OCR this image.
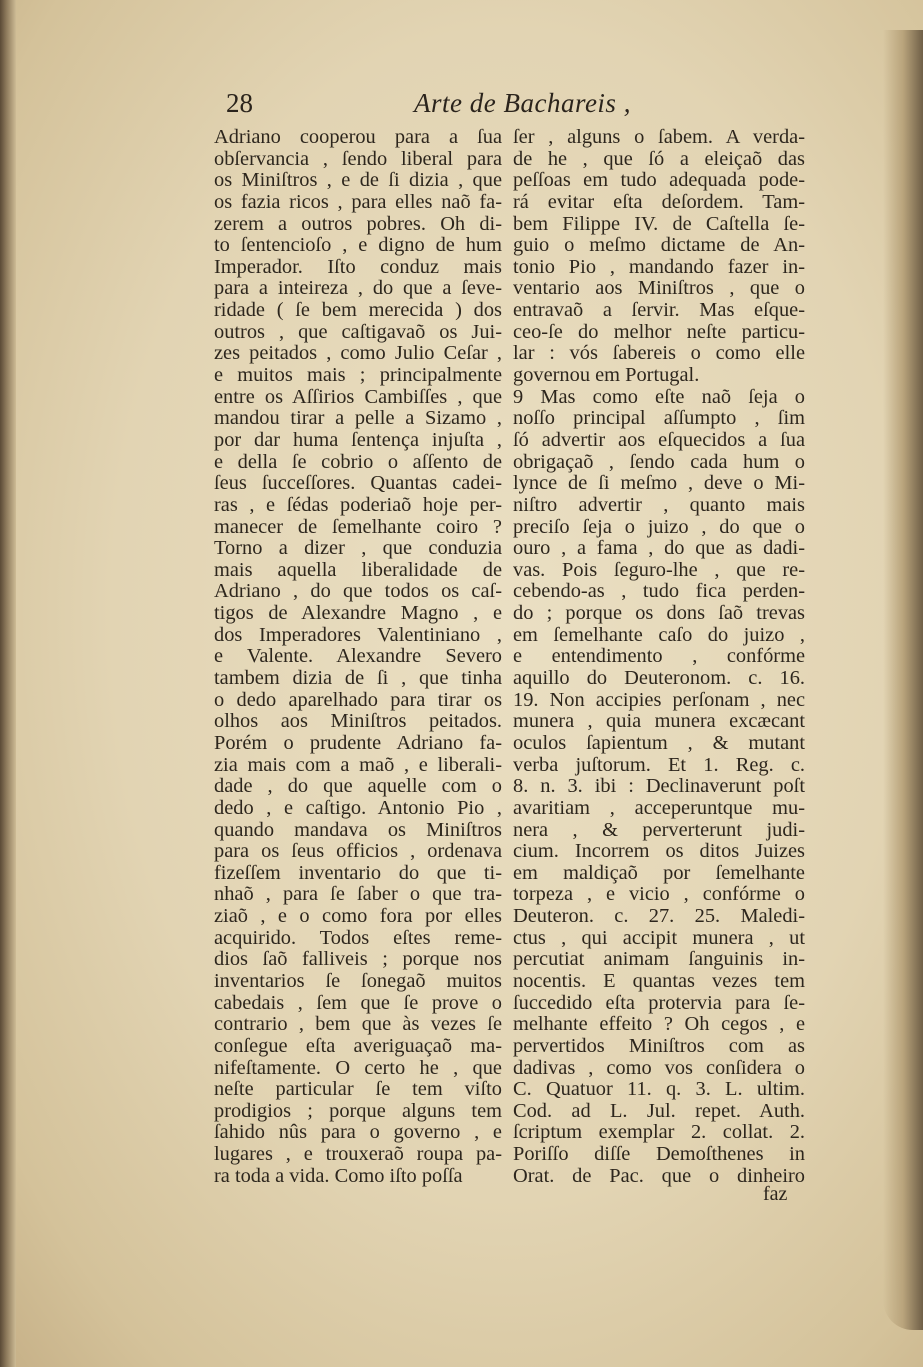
28	Arte de Bachareis ,
Adriano cooperou para a ſua
obſervancia , ſendo liberal para
os Miniſtros , e de ſi dizia , que
os fazia ricos , para elles naõ fa-
zerem a outros pobres. Oh di-
to ſentencioſo , e digno de hum
Imperador. Iſto conduz mais
para a inteireza , do que a ſeve-
ridade ( ſe bem merecida ) dos
outros , que caſtigavaõ os Jui-
zes peitados , como Julio Ceſar ,
e muitos mais ; principalmente
entre os Aſſirios Cambiſſes , que
mandou tirar a pelle a Sizamo ,
por dar huma ſentença injuſta ,
e della ſe cobrio o aſſento de
ſeus ſucceſſores. Quantas cadei-
ras , e ſédas poderiaõ hoje per-
manecer de ſemelhante coiro ?
Torno a dizer , que conduzia
mais aquella liberalidade de
Adriano , do que todos os caſ-
tigos de Alexandre Magno , e
dos Imperadores Valentiniano ,
e Valente. Alexandre Severo
tambem dizia de ſi , que tinha
o dedo aparelhado para tirar os
olhos aos Miniſtros peitados.
Porém o prudente Adriano fa-
zia mais com a maõ , e liberali-
dade , do que aquelle com o
dedo , e caſtigo. Antonio Pio ,
quando mandava os Miniſtros
para os ſeus officios , ordenava
fizeſſem inventario do que ti-
nhaõ , para ſe ſaber o que tra-
ziaõ , e o como fora por elles
acquirido. Todos eſtes reme-
dios ſaõ falliveis ; porque nos
inventarios ſe ſonegaõ muitos
cabedais , ſem que ſe prove o
contrario , bem que às vezes ſe
conſegue eſta averiguaçaõ ma-
nifeſtamente. O certo he , que
neſte particular ſe tem viſto
prodigios ; porque alguns tem
ſahido nûs para o governo , e
lugares , e trouxeraõ roupa pa-
ra toda a vida. Como iſto poſſa
ſer , alguns o ſabem. A verda-
de he , que ſó a eleiçaõ das
peſſoas em tudo adequada pode-
rá evitar eſta deſordem. Tam-
bem Filippe IV. de Caſtella ſe-
guio o meſmo dictame de An-
tonio Pio , mandando fazer in-
ventario aos Miniſtros , que o
entravaõ a ſervir. Mas eſque-
ceo-ſe do melhor neſte particu-
lar : vós ſabereis o como elle
governou em Portugal.
9 Mas como eſte naõ ſeja o
noſſo principal aſſumpto , ſim
ſó advertir aos eſquecidos a ſua
obrigaçaõ , ſendo cada hum o
lynce de ſi meſmo , deve o Mi-
niſtro advertir , quanto mais
preciſo ſeja o juizo , do que o
ouro , a fama , do que as dadi-
vas. Pois ſeguro-lhe , que re-
cebendo-as , tudo fica perden-
do ; porque os dons ſaõ trevas
em ſemelhante caſo do juizo ,
e entendimento , confórme
aquillo do Deuteronom. c. 16.
19. Non accipies perſonam , nec
munera , quia munera excæcant
oculos ſapientum , & mutant
verba juſtorum. Et 1. Reg. c.
8. n. 3. ibi : Declinaverunt poſt
avaritiam , acceperuntque mu-
nera , & perverterunt judi-
cium. Incorrem os ditos Juizes
em maldiçaõ por ſemelhante
torpeza , e vicio , confórme o
Deuteron. c. 27. 25. Maledi-
ctus , qui accipit munera , ut
percutiat animam ſanguinis in-
nocentis. E quantas vezes tem
ſuccedido eſta protervia para ſe-
melhante effeito ? Oh cegos , e
pervertidos Miniſtros com as
dadivas , como vos conſidera o
C. Quatuor 11. q. 3. L. ultim.
Cod. ad L. Jul. repet. Auth.
ſcriptum exemplar 2. collat. 2.
Poriſſo diſſe Demoſthenes in
Orat. de Pac. que o dinheiro
faz
